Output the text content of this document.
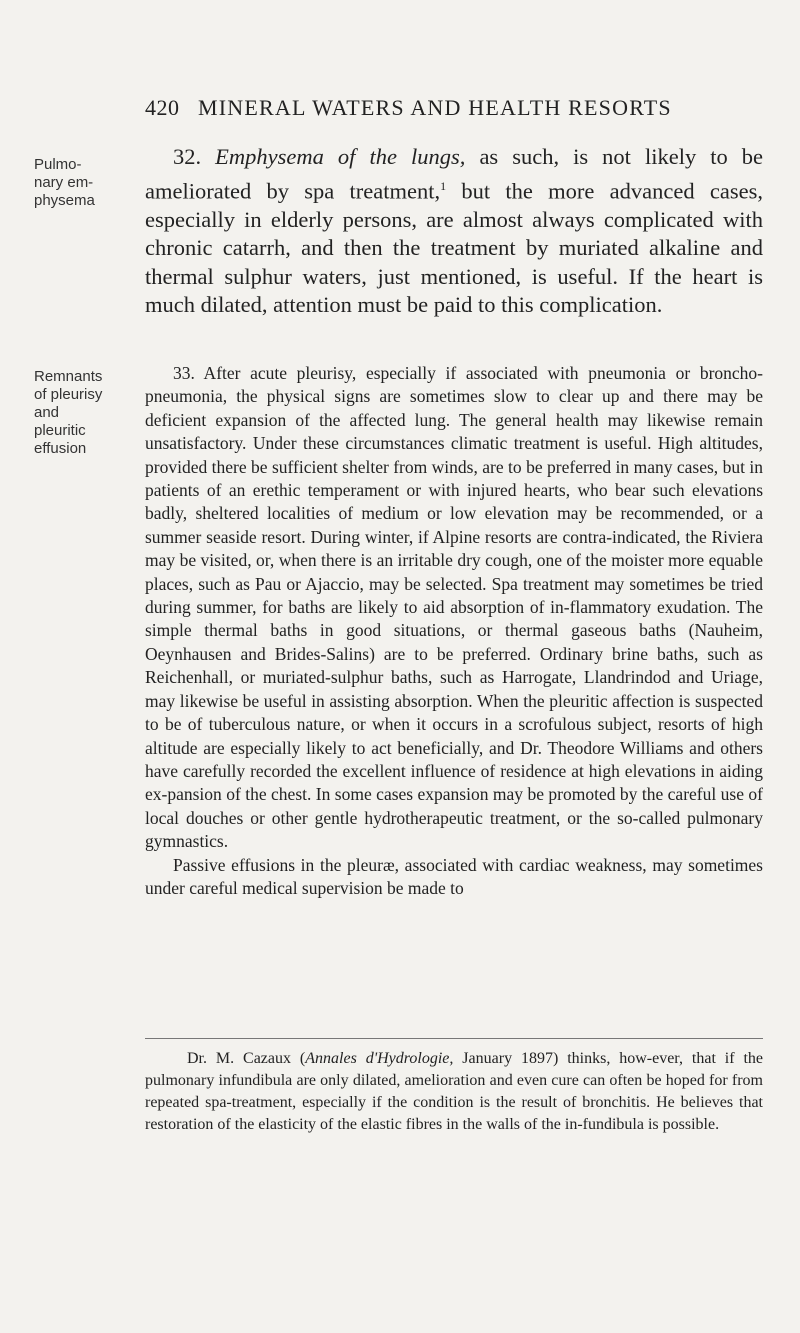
420 MINERAL WATERS AND HEALTH RESORTS
Pulmo-
nary em-
physema
Remnants
of pleurisy
and
pleuritic
effusion

32. Emphysema of the lungs, as such, is not likely to be ameliorated by spa treatment,$^1$ but the more advanced cases, especially in elderly persons, are almost always complicated with chronic catarrh, and then the treatment by muriated alkaline and thermal sulphur waters, just mentioned, is useful. If the heart is much dilated, attention must be paid to this complication.

33. After acute pleurisy, especially if associated with pneumonia or broncho-pneumonia, the physical signs are sometimes slow to clear up and there may be deficient expansion of the affected lung. The general health may likewise remain unsatisfactory. Under these circumstances climatic treatment is useful. High altitudes, provided there be sufficient shelter from winds, are to be preferred in many cases, but in patients of an erethic temperament or with injured hearts, who bear such elevations badly, sheltered localities of medium or low elevation may be recommended, or a summer seaside resort. During winter, if Alpine resorts are contra-indicated, the Riviera may be visited, or, when there is an irritable dry cough, one of the moister more equable places, such as Pau or Ajaccio, may be selected. Spa treatment may sometimes be tried during summer, for baths are likely to aid absorption of in-flammatory exudation. The simple thermal baths in good situations, or thermal gaseous baths (Nauheim, Oeynhausen and Brides-Salins) are to be preferred. Ordinary brine baths, such as Reichenhall, or muriated-sulphur baths, such as Harrogate, Llandrindod and Uriage, may likewise be useful in assisting absorption. When the pleuritic affection is suspected to be of tuberculous nature, or when it occurs in a scrofulous subject, resorts of high altitude are especially likely to act beneficially, and Dr. Theodore Williams and others have carefully recorded the excellent influence of residence at high elevations in aiding ex-pansion of the chest. In some cases expansion may be promoted by the careful use of local douches or other gentle hydrotherapeutic treatment, or the so-called pulmonary gymnastics.
Passive effusions in the pleuræ, associated with cardiac weakness, may sometimes under careful medical supervision be made to

Dr. M. Cazaux (Annales d'Hydrologie, January 1897) thinks, how-ever, that if the pulmonary infundibula are only dilated, amelioration and even cure can often be hoped for from repeated spa-treatment, especially if the condition is the result of bronchitis. He believes that restoration of the elasticity of the elastic fibres in the walls of the in-fundibula is possible.
